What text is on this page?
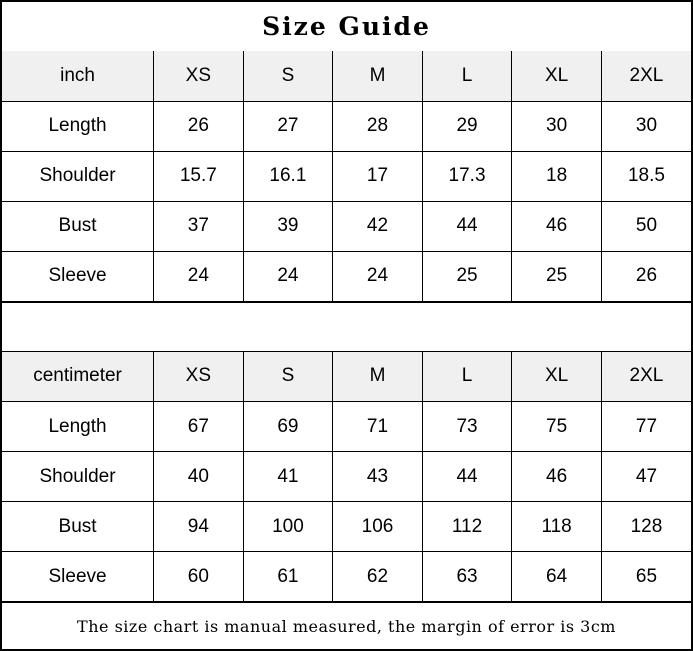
Size Guide
inch	XS	S	M	L	XL	2XL
Length	26	27	28	29	30	30
Shoulder	15.7	16.1	17	17.3	18	18.5
Bust	37	39	42	44	46	50
Sleeve	24	24	24	25	25	26
centimeter	XS	S	M	L	XL	2XL
Length	67	69	71	73	75	77
Shoulder	40	41	43	44	46	47
Bust	94	100	106	112	118	128
Sleeve	60	61	62	63	64	65
The size chart is manual measured, the margin of error is 3cm
